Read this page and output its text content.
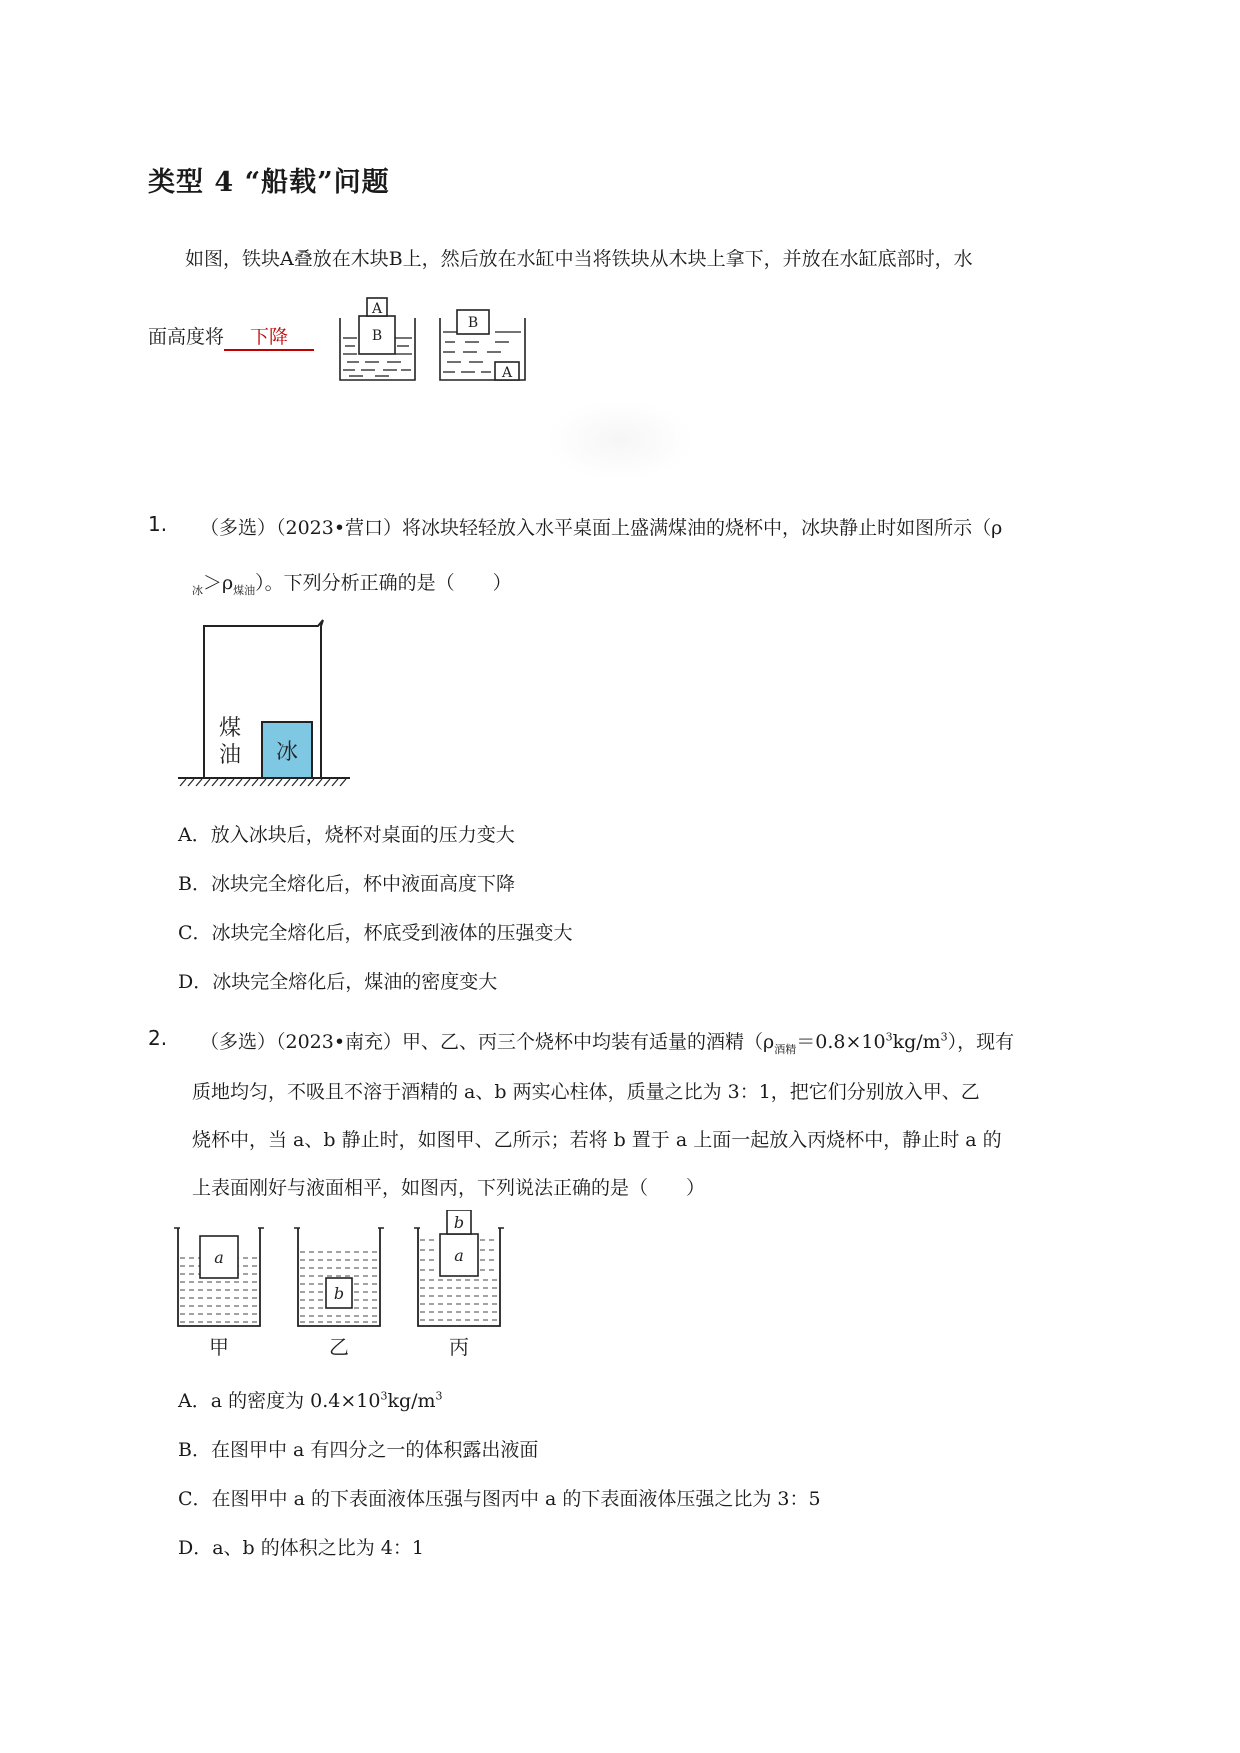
类型 4 “船载”问题
如图，铁块A叠放在木块B上，然后放在水缸中当将铁块从木块上拿下，并放在水缸底部时，水
面高度将 下降
A
B
B
A
1. （多选）（2023•营口）将冰块轻轻放入水平桌面上盛满煤油的烧杯中，冰块静止时如图所示（ρ
$_冰>\rho_{煤油}$）。下列分析正确的是（　　）
冰
煤
油
A．放入冰块后，烧杯对桌面的压力变大
B．冰块完全熔化后，杯中液面高度下降
C．冰块完全熔化后，杯底受到液体的压强变大
D．冰块完全熔化后，煤油的密度变大
2. （多选）（2023•南充）甲、乙、丙三个烧杯中均装有适量的酒精$(\rho_{酒精}=0.8\times 10^3kg/m^3)$，现有
质地均匀，不吸且不溶于酒精的 a、b 两实心柱体，质量之比为 3：1，把它们分别放入甲、乙
烧杯中，当 a、b 静止时，如图甲、乙所示；若将 b 置于 a 上面一起放入丙烧杯中，静止时 a 的
上表面刚好与液面相平，如图丙，下列说法正确的是（　　）
a
甲
b
乙
a
b
丙
A．a 的密度为 $0.4\times 10^3kg/m^3$
B．在图甲中 a 有四分之一的体积露出液面
C．在图甲中 a 的下表面液体压强与图丙中 a 的下表面液体压强之比为 3：5
D．a、b 的体积之比为 4：1
